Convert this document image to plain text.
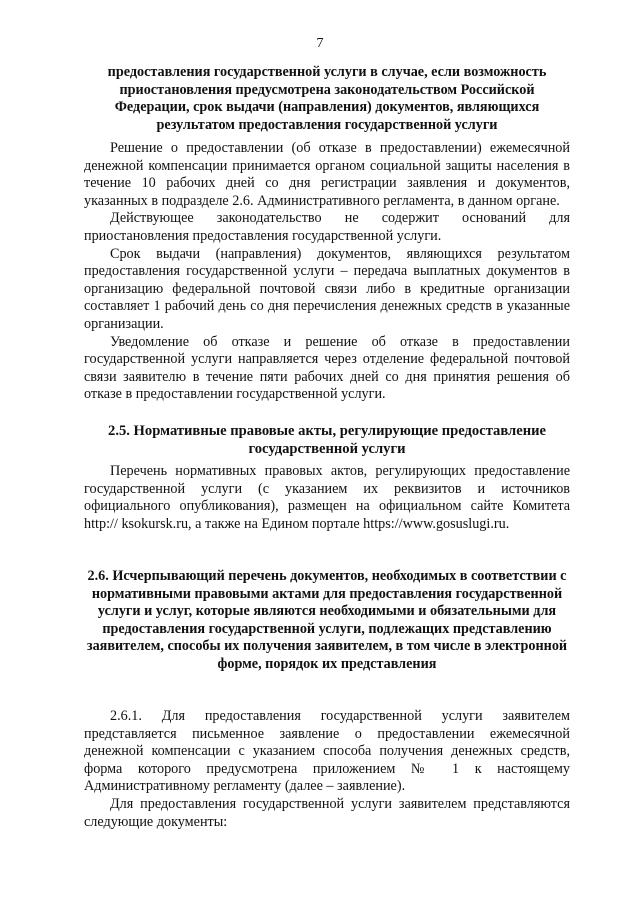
7
предоставления государственной услуги в случае, если возможность приостановления предусмотрена законодательством Российской Федерации, срок выдачи (направления) документов, являющихся результатом предоставления государственной услуги

Решение о предоставлении (об отказе в предоставлении) ежемесячной денежной компенсации принимается органом социальной защиты населения в течение 10 рабочих дней со дня регистрации заявления и документов, указанных в подразделе 2.6. Административного регламента, в данном органе.

Действующее законодательство не содержит оснований для приостановления предоставления государственной услуги.

Срок выдачи (направления) документов, являющихся результатом предоставления государственной услуги – передача выплатных документов в организацию федеральной почтовой связи либо в кредитные организации составляет 1 рабочий день со дня перечисления денежных средств в указанные организации.

Уведомление об отказе и решение об отказе в предоставлении государственной услуги направляется через отделение федеральной почтовой связи заявителю в течение пяти рабочих дней со дня принятия решения об отказе в предоставлении государственной услуги.

2.5. Нормативные правовые акты, регулирующие предоставление государственной услуги

Перечень нормативных правовых актов, регулирующих предоставление государственной услуги (с указанием их реквизитов и источников официального опубликования), размещен на официальном сайте Комитета http:// ksokursk.ru, а также на Едином портале https://www.gosuslugi.ru.

2.6. Исчерпывающий перечень документов, необходимых в соответствии с нормативными правовыми актами для предоставления государственной услуги и услуг, которые являются необходимыми и обязательными для предоставления государственной услуги, подлежащих представлению заявителем, способы их получения заявителем, в том числе в электронной форме, порядок их представления

2.6.1. Для предоставления государственной услуги заявителем представляется письменное заявление о предоставлении ежемесячной денежной компенсации с указанием способа получения денежных средств, форма которого предусмотрена приложением № 1 к настоящему Административному регламенту (далее – заявление).

Для предоставления государственной услуги заявителем представляются следующие документы:
